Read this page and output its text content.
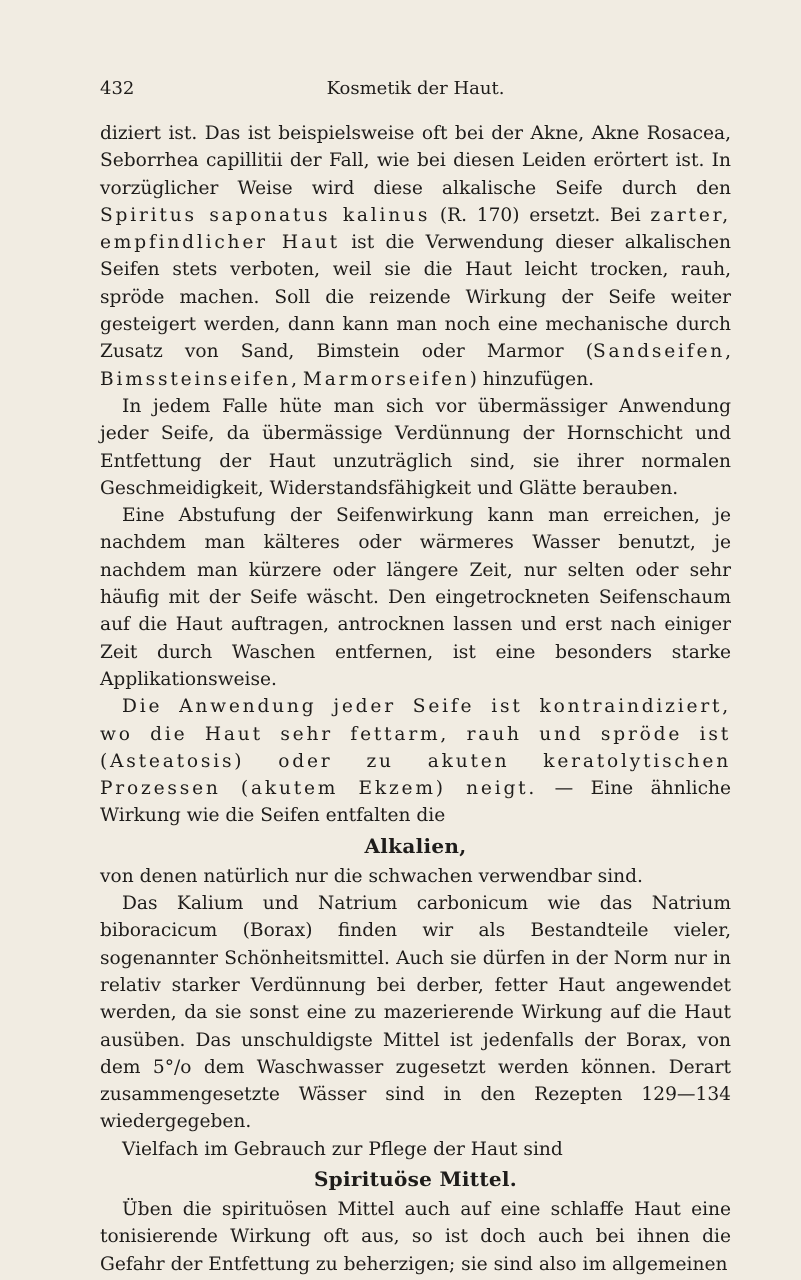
432	Kosmetik der Haut.

diziert ist. Das ist beispielsweise oft bei der Akne, Akne Rosacea, Seborrhea capillitii der Fall, wie bei diesen Leiden erörtert ist. In vorzüglicher Weise wird diese alkalische Seife durch den Spiritus saponatus kalinus (R. 170) ersetzt. Bei zarter, empfindlicher Haut ist die Verwendung dieser alkalischen Seifen stets verboten, weil sie die Haut leicht trocken, rauh, spröde machen. Soll die reizende Wirkung der Seife weiter gesteigert werden, dann kann man noch eine mechanische durch Zusatz von Sand, Bimstein oder Marmor (Sandseifen, Bimssteinseifen, Marmorseifen) hinzufügen.

In jedem Falle hüte man sich vor übermässiger Anwendung jeder Seife, da übermässige Verdünnung der Hornschicht und Entfettung der Haut unzuträglich sind, sie ihrer normalen Geschmeidigkeit, Widerstandsfähigkeit und Glätte berauben.

Eine Abstufung der Seifenwirkung kann man erreichen, je nachdem man kälteres oder wärmeres Wasser benutzt, je nachdem man kürzere oder längere Zeit, nur selten oder sehr häufig mit der Seife wäscht. Den eingetrockneten Seifenschaum auf die Haut auftragen, antrocknen lassen und erst nach einiger Zeit durch Waschen entfernen, ist eine besonders starke Applikationsweise.

Die Anwendung jeder Seife ist kontraindiziert, wo die Haut sehr fettarm, rauh und spröde ist (Asteatosis) oder zu akuten keratolytischen Prozessen (akutem Ekzem) neigt. — Eine ähnliche Wirkung wie die Seifen entfalten die

Alkalien,

von denen natürlich nur die schwachen verwendbar sind.

Das Kalium und Natrium carbonicum wie das Natrium biboracicum (Borax) finden wir als Bestandteile vieler, sogenannter Schönheitsmittel. Auch sie dürfen in der Norm nur in relativ starker Verdünnung bei derber, fetter Haut angewendet werden, da sie sonst eine zu mazerierende Wirkung auf die Haut ausüben. Das unschuldigste Mittel ist jedenfalls der Borax, von dem 5°/o dem Waschwasser zugesetzt werden können. Derart zusammengesetzte Wässer sind in den Rezepten 129—134 wiedergegeben.

Vielfach im Gebrauch zur Pflege der Haut sind

Spirituöse Mittel.

Üben die spirituösen Mittel auch auf eine schlaffe Haut eine tonisierende Wirkung oft aus, so ist doch auch bei ihnen die Gefahr der Entfettung zu beherzigen; sie sind also im allgemeinen
